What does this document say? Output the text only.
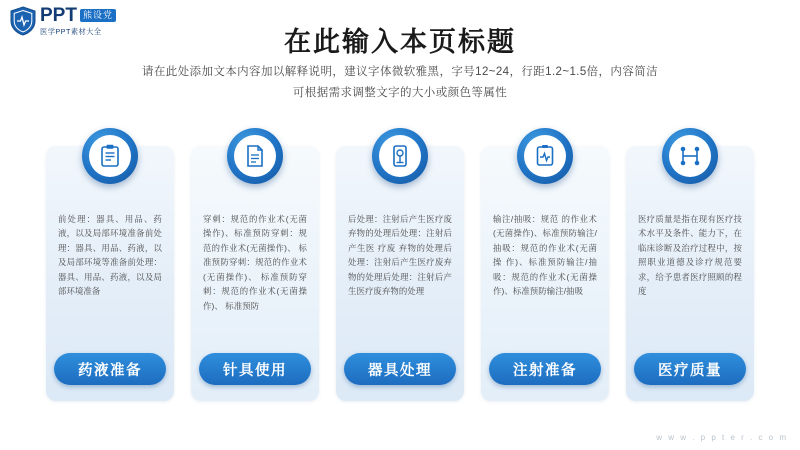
PPT 熊设党
医学PPT素材大全	在此输入本页标题
请在此处添加文本内容加以解释说明，建议字体微软雅黑，字号12~24，行距1.2~1.5倍，内容简洁
可根据需求调整文字的大小或颜色等属性
前处理：器具、用品、药液，以及局部环境准备前处理：器具、用品、药液，以及局部环境等准备前处理：器具、用品、药液，以及局部环境准备
药液准备
穿刺：规范的作业术(无菌操作)、标准预防穿刺：规范的作业术(无菌操作)、 标准预防穿刺：规范的作业术(无菌操作)、 标准预防穿刺：规范的作业术(无菌操作)、 标准预防
针具使用
后处理：注射后产生医疗废 弃物的处理后处理：注射后产生医 疗废 弃物的处理后处理：注射后产生医疗废弃物的处理后处理：注射后产生医疗废弃物的处理
器具处理
输注/抽吸：规范 的作业术(无菌操作)、标准预防输注/抽吸：规范的作业术(无菌操 作)、标准预防输注/抽吸：规范的作业术(无菌操 作)、标准预防输注/抽吸
注射准备
医疗质量是指在现有医疗技术水平及条件、能力下，在 临床诊断及治疗过程中，按照职业道德及诊疗规范要求，给予患者医疗照顾的程度
医疗质量
w w w . p p t e r . c o m
